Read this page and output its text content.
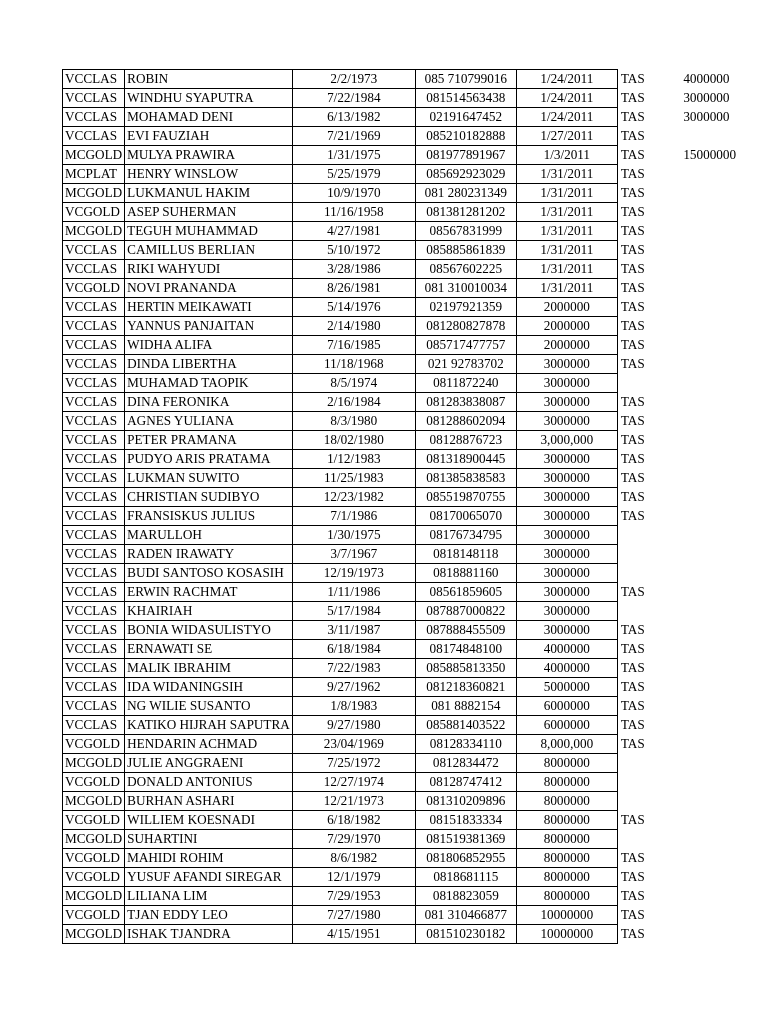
VCCLAS	ROBIN	2/2/1973	085 710799016	1/24/2011	TAS	4000000
VCCLAS	WINDHU SYAPUTRA	7/22/1984	081514563438	1/24/2011	TAS	3000000
VCCLAS	MOHAMAD DENI	6/13/1982	02191647452	1/24/2011	TAS	3000000
VCCLAS	EVI FAUZIAH	7/21/1969	085210182888	1/27/2011	TAS	
MCGOLD	MULYA PRAWIRA	1/31/1975	081977891967	1/3/2011	TAS	15000000
MCPLAT	HENRY WINSLOW	5/25/1979	085692923029	1/31/2011	TAS	
MCGOLD	LUKMANUL HAKIM	10/9/1970	081 280231349	1/31/2011	TAS	
VCGOLD	ASEP SUHERMAN	11/16/1958	081381281202	1/31/2011	TAS	
MCGOLD	TEGUH MUHAMMAD	4/27/1981	08567831999	1/31/2011	TAS	
VCCLAS	CAMILLUS BERLIAN	5/10/1972	085885861839	1/31/2011	TAS	
VCCLAS	RIKI WAHYUDI	3/28/1986	08567602225	1/31/2011	TAS	
VCGOLD	NOVI PRANANDA	8/26/1981	081 310010034	1/31/2011	TAS	
VCCLAS	HERTIN MEIKAWATI	5/14/1976	02197921359	2000000	TAS	
VCCLAS	YANNUS PANJAITAN	2/14/1980	081280827878	2000000	TAS	
VCCLAS	WIDHA ALIFA	7/16/1985	085717477757	2000000	TAS	
VCCLAS	DINDA LIBERTHA	11/18/1968	021 92783702	3000000	TAS	
VCCLAS	MUHAMAD TAOPIK	8/5/1974	0811872240	3000000		
VCCLAS	DINA FERONIKA	2/16/1984	081283838087	3000000	TAS	
VCCLAS	AGNES YULIANA	8/3/1980	081288602094	3000000	TAS	
VCCLAS	PETER PRAMANA	18/02/1980	08128876723	3,000,000	TAS	
VCCLAS	PUDYO ARIS PRATAMA	1/12/1983	081318900445	3000000	TAS	
VCCLAS	LUKMAN SUWITO	11/25/1983	081385838583	3000000	TAS	
VCCLAS	CHRISTIAN SUDIBYO	12/23/1982	085519870755	3000000	TAS	
VCCLAS	FRANSISKUS JULIUS	7/1/1986	08170065070	3000000	TAS	
VCCLAS	MARULLOH	1/30/1975	08176734795	3000000		
VCCLAS	RADEN IRAWATY	3/7/1967	0818148118	3000000		
VCCLAS	BUDI SANTOSO KOSASIH	12/19/1973	0818881160	3000000		
VCCLAS	ERWIN RACHMAT	1/11/1986	08561859605	3000000	TAS	
VCCLAS	KHAIRIAH	5/17/1984	087887000822	3000000		
VCCLAS	BONIA WIDASULISTYO	3/11/1987	087888455509	3000000	TAS	
VCCLAS	ERNAWATI SE	6/18/1984	08174848100	4000000	TAS	
VCCLAS	MALIK IBRAHIM	7/22/1983	085885813350	4000000	TAS	
VCCLAS	IDA WIDANINGSIH	9/27/1962	081218360821	5000000	TAS	
VCCLAS	NG WILIE SUSANTO	1/8/1983	081 8882154	6000000	TAS	
VCCLAS	KATIKO HIJRAH SAPUTRA	9/27/1980	085881403522	6000000	TAS	
VCGOLD	HENDARIN ACHMAD	23/04/1969	08128334110	8,000,000	TAS	
MCGOLD	JULIE ANGGRAENI	7/25/1972	0812834472	8000000		
VCGOLD	DONALD ANTONIUS	12/27/1974	08128747412	8000000		
MCGOLD	BURHAN ASHARI	12/21/1973	081310209896	8000000		
VCGOLD	WILLIEM KOESNADI	6/18/1982	08151833334	8000000	TAS	
MCGOLD	SUHARTINI	7/29/1970	081519381369	8000000		
VCGOLD	MAHIDI ROHIM	8/6/1982	081806852955	8000000	TAS	
VCGOLD	YUSUF AFANDI SIREGAR	12/1/1979	0818681115	8000000	TAS	
MCGOLD	LILIANA LIM	7/29/1953	0818823059	8000000	TAS	
VCGOLD	TJAN EDDY LEO	7/27/1980	081 310466877	10000000	TAS	
MCGOLD	ISHAK TJANDRA	4/15/1951	081510230182	10000000	TAS	
